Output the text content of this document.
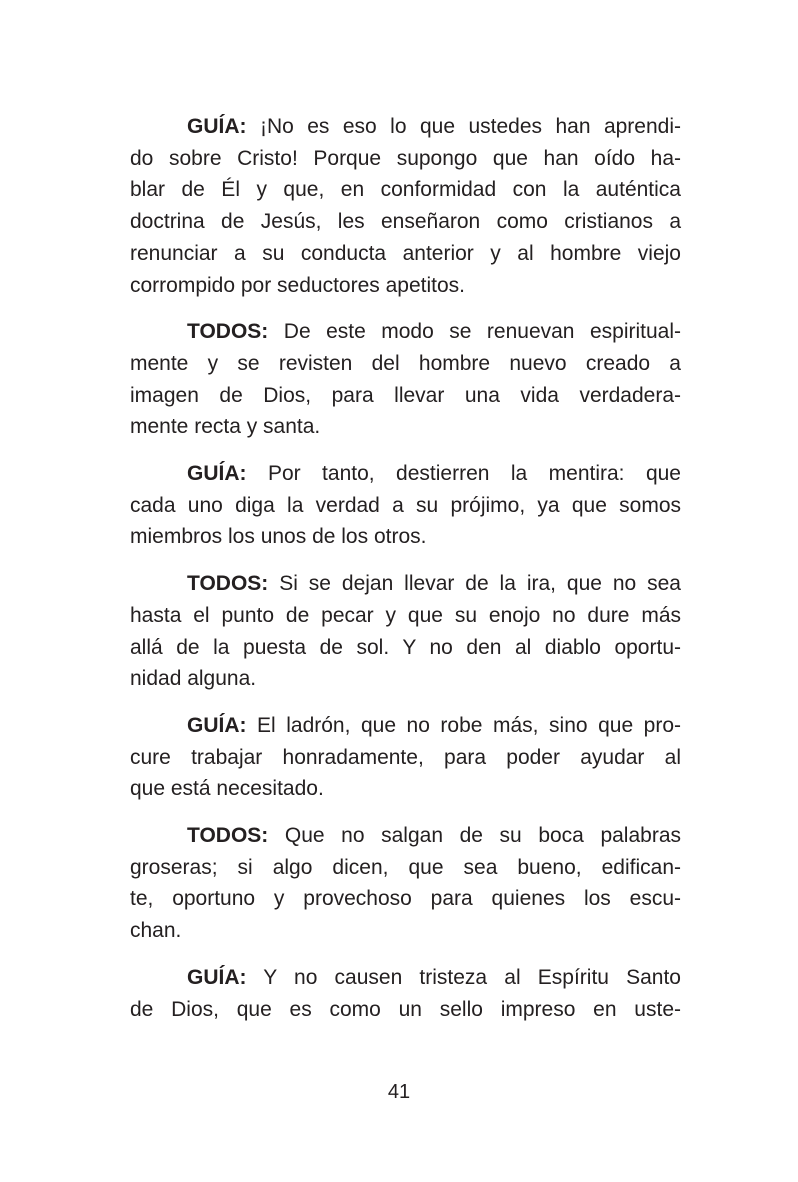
GUÍA: ¡No es eso lo que ustedes han aprendi-
do sobre Cristo! Porque supongo que han oído ha-
blar de Él y que, en conformidad con la auténtica
doctrina de Jesús, les enseñaron como cristianos a
renunciar a su conducta anterior y al hombre viejo
corrompido por seductores apetitos.

TODOS: De este modo se renuevan espiritual-
mente y se revisten del hombre nuevo creado a
imagen de Dios, para llevar una vida verdadera-
mente recta y santa.

GUÍA: Por tanto, destierren la mentira: que
cada uno diga la verdad a su prójimo, ya que somos
miembros los unos de los otros.

TODOS: Si se dejan llevar de la ira, que no sea
hasta el punto de pecar y que su enojo no dure más
allá de la puesta de sol. Y no den al diablo oportu-
nidad alguna.

GUÍA: El ladrón, que no robe más, sino que pro-
cure trabajar honradamente, para poder ayudar al
que está necesitado.

TODOS: Que no salgan de su boca palabras
groseras; si algo dicen, que sea bueno, edifican-
te, oportuno y provechoso para quienes los escu-
chan.

GUÍA: Y no causen tristeza al Espíritu Santo
de Dios, que es como un sello impreso en uste-

41
